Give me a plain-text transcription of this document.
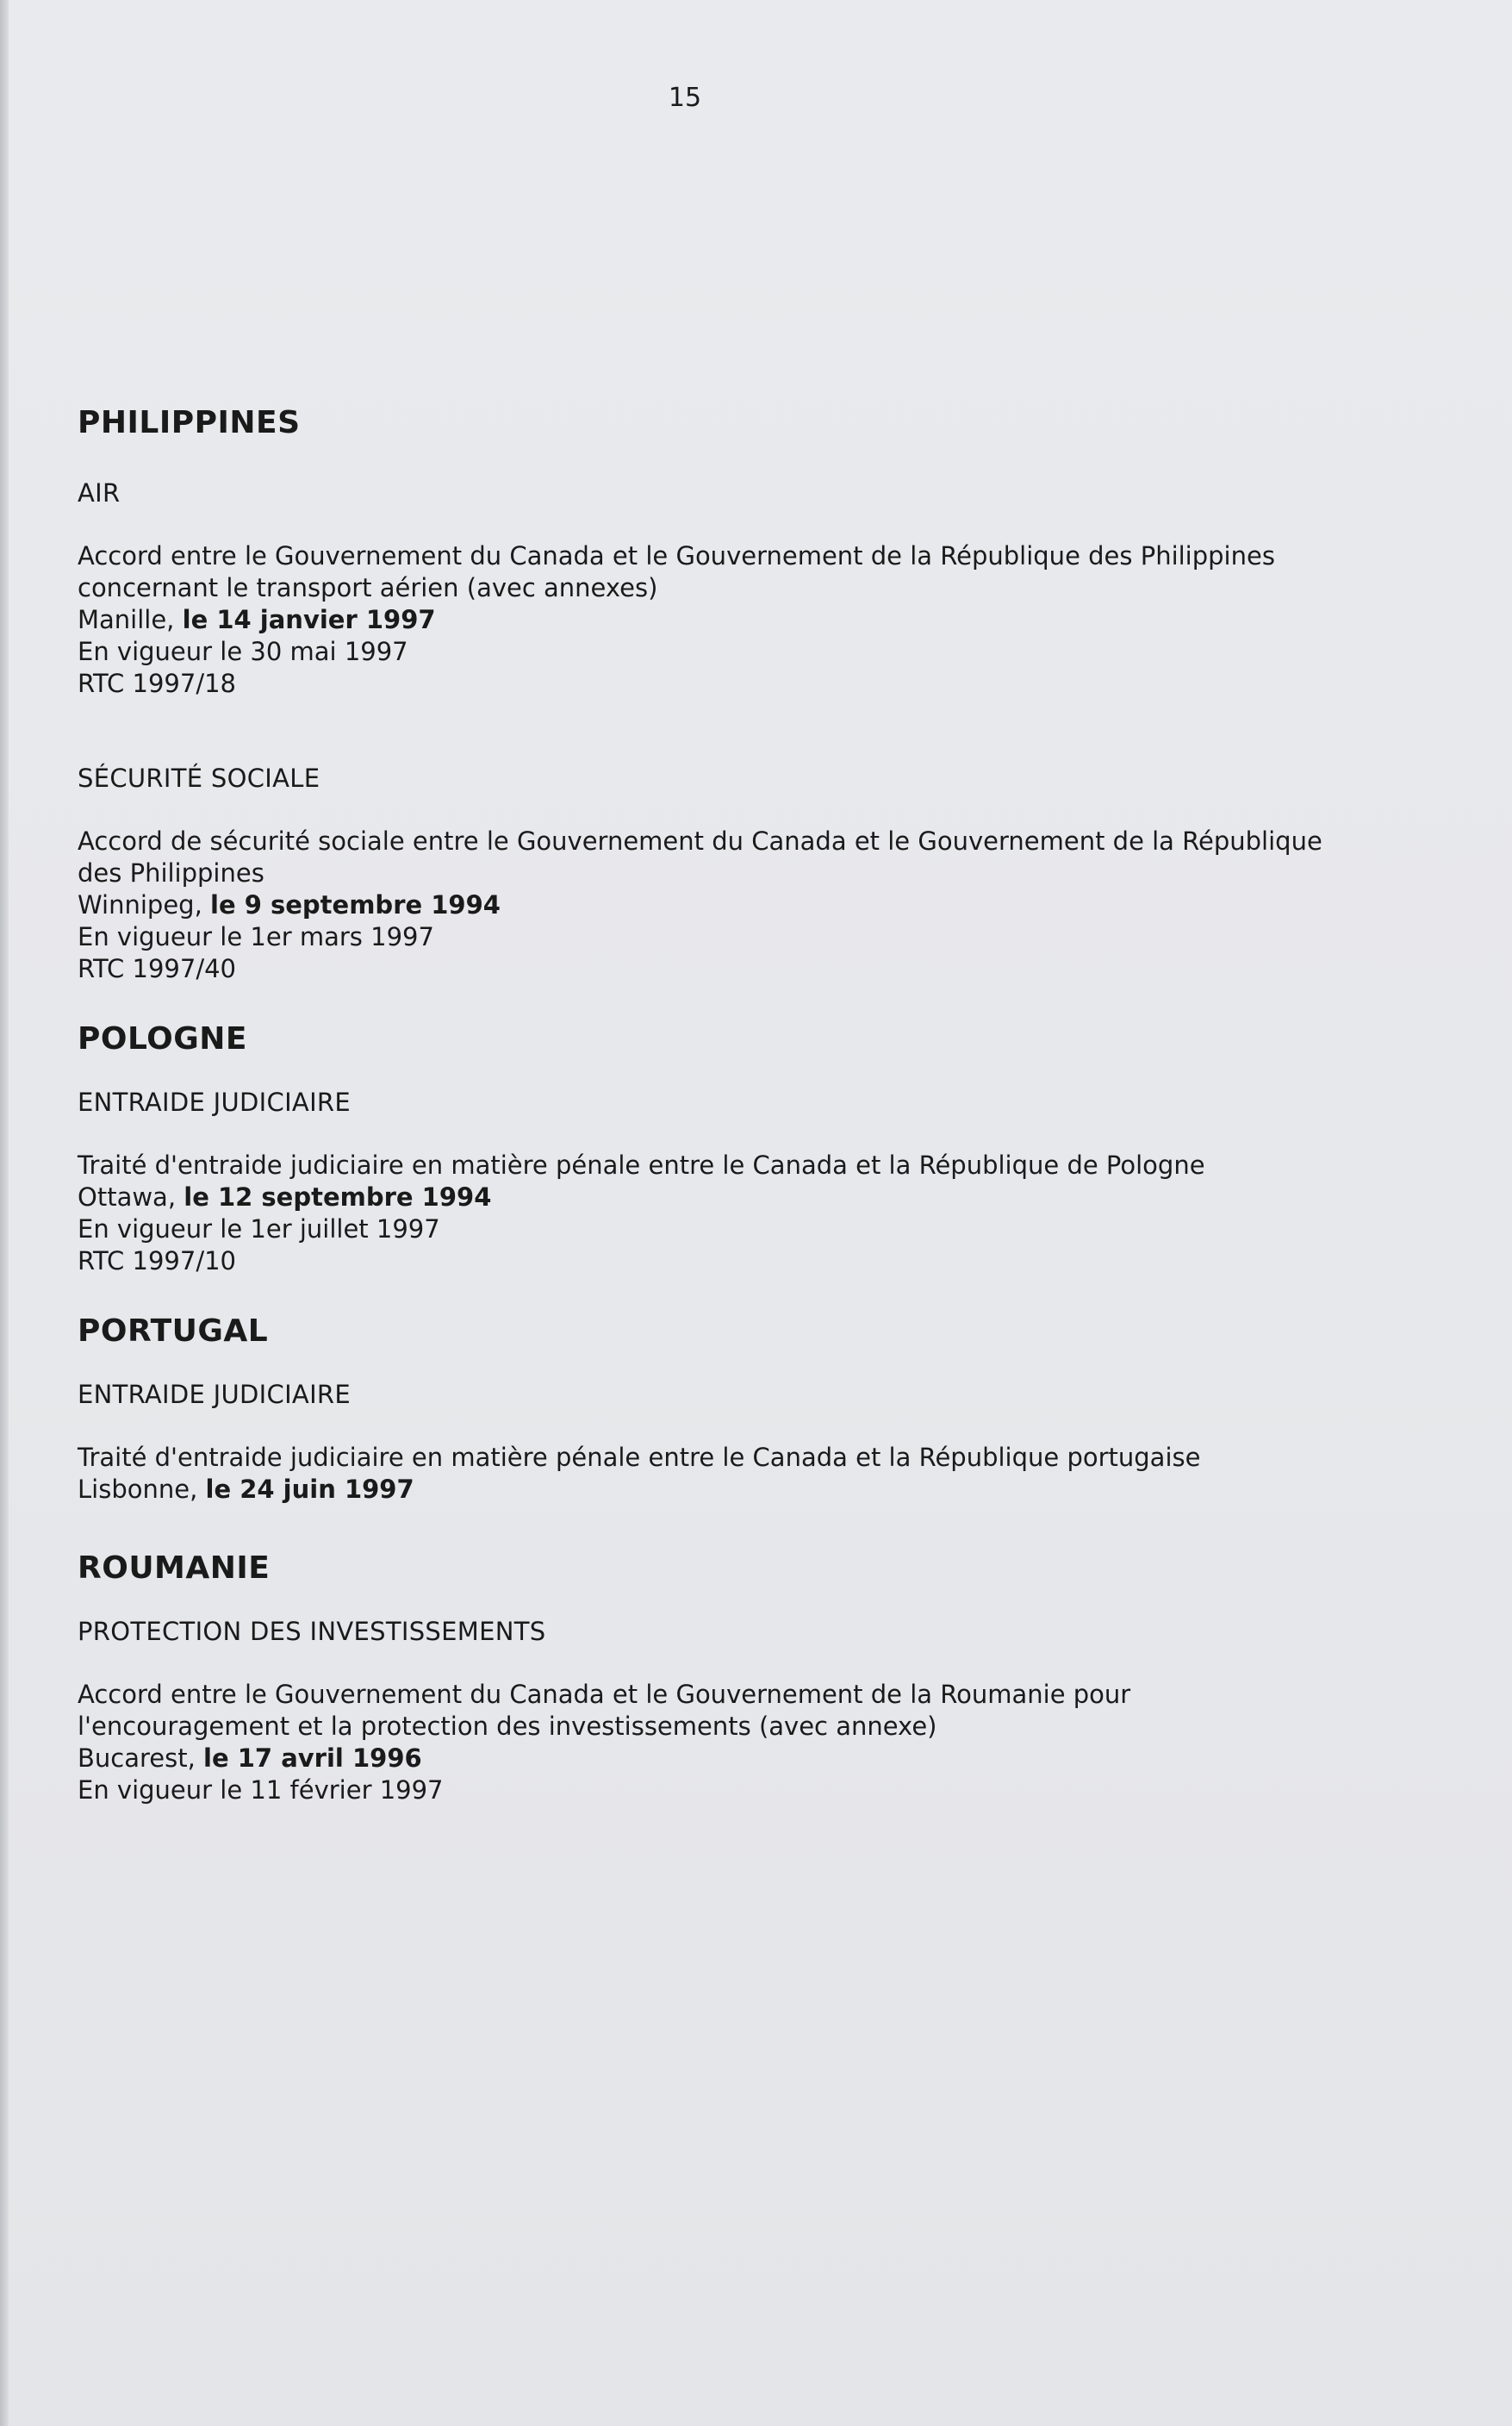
15
PHILIPPINES
AIR
Accord entre le Gouvernement du Canada et le Gouvernement de la République des Philippines
concernant le transport aérien (avec annexes)
Manille, le 14 janvier 1997
En vigueur le 30 mai 1997
RTC 1997/18
SÉCURITÉ SOCIALE
Accord de sécurité sociale entre le Gouvernement du Canada et le Gouvernement de la République
des Philippines
Winnipeg, le 9 septembre 1994
En vigueur le 1er mars 1997
RTC 1997/40
POLOGNE
ENTRAIDE JUDICIAIRE
Traité d'entraide judiciaire en matière pénale entre le Canada et la République de Pologne
Ottawa, le 12 septembre 1994
En vigueur le 1er juillet 1997
RTC 1997/10
PORTUGAL
ENTRAIDE JUDICIAIRE
Traité d'entraide judiciaire en matière pénale entre le Canada et la République portugaise
Lisbonne, le 24 juin 1997
ROUMANIE
PROTECTION DES INVESTISSEMENTS
Accord entre le Gouvernement du Canada et le Gouvernement de la Roumanie pour
l'encouragement et la protection des investissements (avec annexe)
Bucarest, le 17 avril 1996
En vigueur le 11 février 1997
